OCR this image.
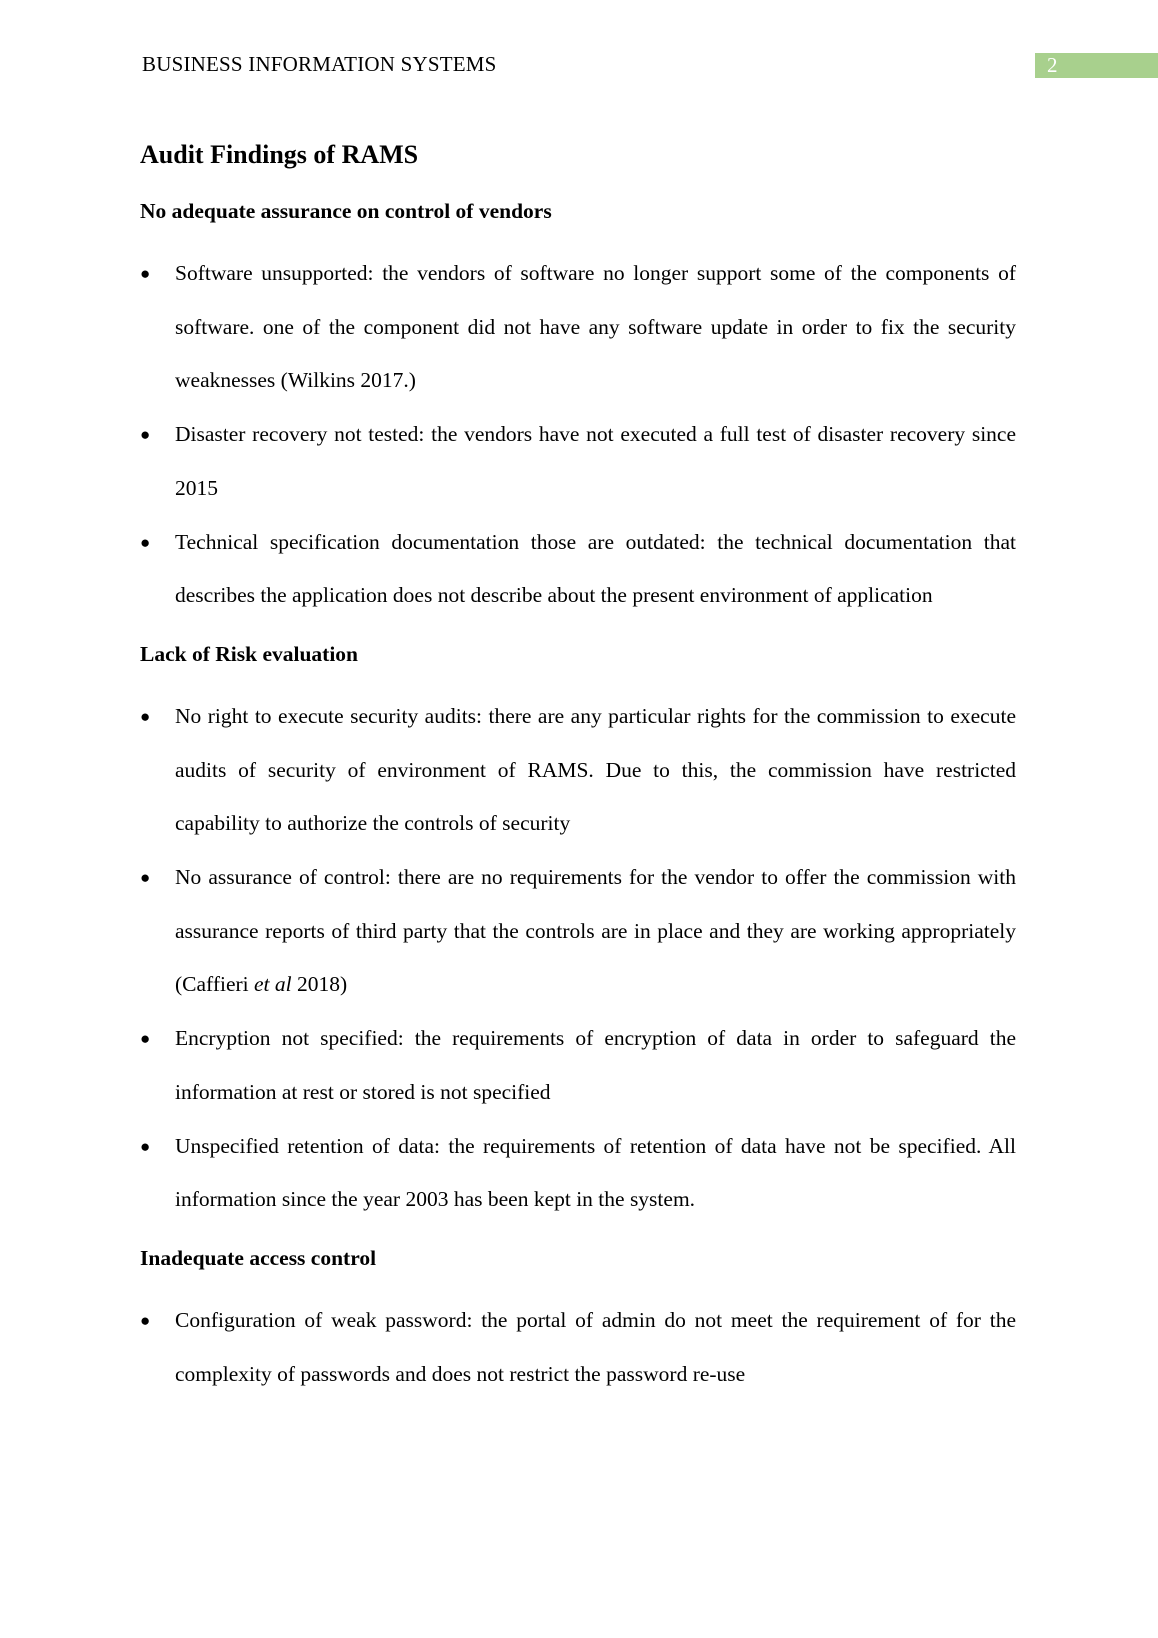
BUSINESS INFORMATION SYSTEMS	2
Audit Findings of RAMS
No adequate assurance on control of vendors
● Software unsupported: the vendors of software no longer support some of the components of software. one of the component did not have any software update in order to fix the security weaknesses (Wilkins 2017.)
● Disaster recovery not tested: the vendors have not executed a full test of disaster recovery since 2015
● Technical specification documentation those are outdated: the technical documentation that describes the application does not describe about the present environment of application
Lack of Risk evaluation
● No right to execute security audits: there are any particular rights for the commission to execute audits of security of environment of RAMS. Due to this, the commission have restricted capability to authorize the controls of security
● No assurance of control: there are no requirements for the vendor to offer the commission with assurance reports of third party that the controls are in place and they are working appropriately (Caffieri et al 2018)
● Encryption not specified: the requirements of encryption of data in order to safeguard the information at rest or stored is not specified
● Unspecified retention of data: the requirements of retention of data have not be specified. All information since the year 2003 has been kept in the system.
Inadequate access control
● Configuration of weak password: the portal of admin do not meet the requirement of for the complexity of passwords and does not restrict the password re-use
